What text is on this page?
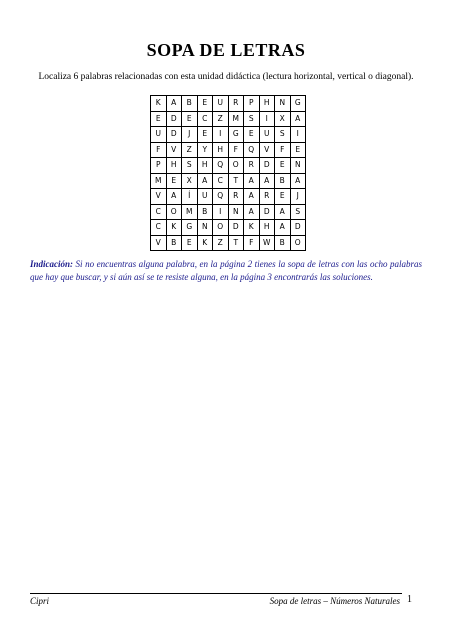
SOPA DE LETRAS
Localiza 6 palabras relacionadas con esta unidad didáctica (lectura horizontal, vertical o diagonal).
K	A	B	E	U	R	P	H	N	G
E	D	E	C	Z	M	S	I	X	A
U	D	J	E	I	G	E	U	S	I
F	V	Z	Y	H	F	Q	V	F	E
P	H	S	H	Q	O	R	D	E	N
M	E	X	A	C	T	A	A	B	A
V	A	Í	U	Q	R	A	R	E	J
C	O	M	B	I	N	A	D	A	S
C	K	G	N	O	D	K	H	A	D
V	B	E	K	Z	T	F	W	B	O
Indicación: Si no encuentras alguna palabra, en la página 2 tienes la sopa de letras con las ocho palabras que hay que buscar, y si aún así se te resiste alguna, en la página 3 encontrarás las soluciones.
Cipri	Sopa de letras – Números Naturales 1
